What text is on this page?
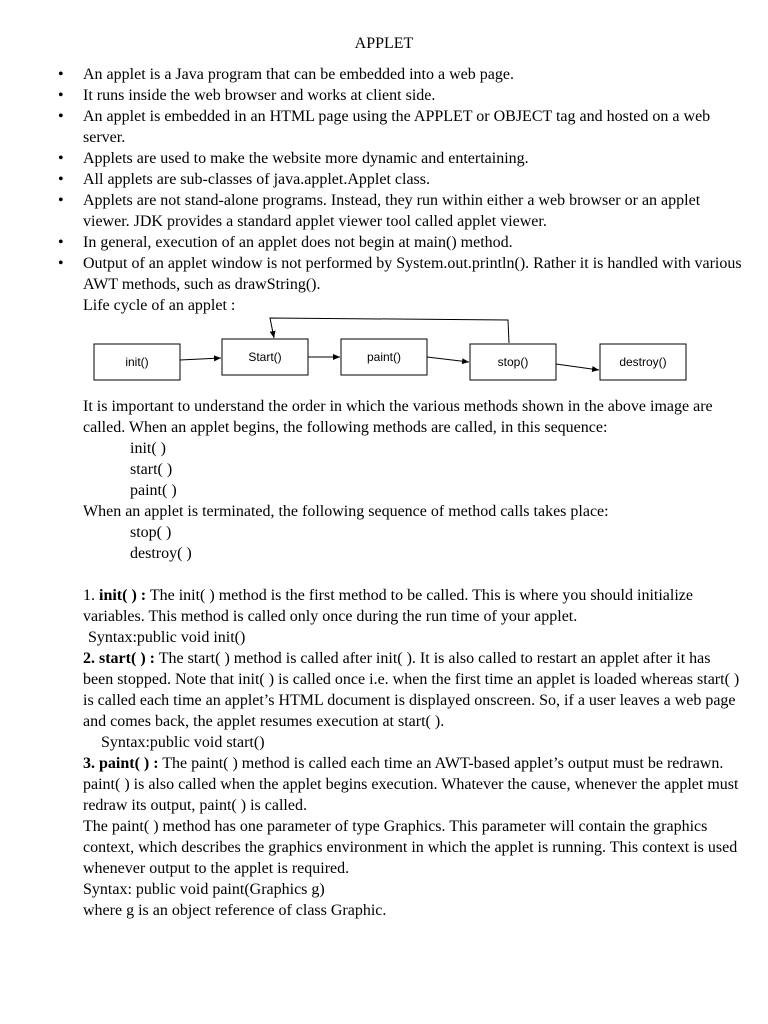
APPLET
• An applet is a Java program that can be embedded into a web page.
• It runs inside the web browser and works at client side.
• An applet is embedded in an HTML page using the APPLET or OBJECT tag and hosted on a web server.
• Applets are used to make the website more dynamic and entertaining.
• All applets are sub-classes of java.applet.Applet class.
• Applets are not stand-alone programs. Instead, they run within either a web browser or an applet viewer. JDK provides a standard applet viewer tool called applet viewer.
• In general, execution of an applet does not begin at main() method.
• Output of an applet window is not performed by System.out.println(). Rather it is handled with various AWT methods, such as drawString().

Life cycle of an applet :

init()	Start()	paint()	stop()	destroy()

It is important to understand the order in which the various methods shown in the above image are called. When an applet begins, the following methods are called, in this sequence:

init( )

start( )

paint( )

When an applet is terminated, the following sequence of method calls takes place:

stop( )

destroy( )

1. init( ) : The init( ) method is the first method to be called. This is where you should initialize variables. This method is called only once during the run time of your applet.

Syntax:public void init()

2. start( ) : The start( ) method is called after init( ). It is also called to restart an applet after it has been stopped. Note that init( ) is called once i.e. when the first time an applet is loaded whereas start( ) is called each time an applet’s HTML document is displayed onscreen. So, if a user leaves a web page and comes back, the applet resumes execution at start( ).

Syntax:public void start()

3. paint( ) : The paint( ) method is called each time an AWT-based applet’s output must be redrawn. paint( ) is also called when the applet begins execution. Whatever the cause, whenever the applet must redraw its output, paint( ) is called.

The paint( ) method has one parameter of type Graphics. This parameter will contain the graphics context, which describes the graphics environment in which the applet is running. This context is used whenever output to the applet is required.

Syntax: public void paint(Graphics g)

where g is an object reference of class Graphic.
